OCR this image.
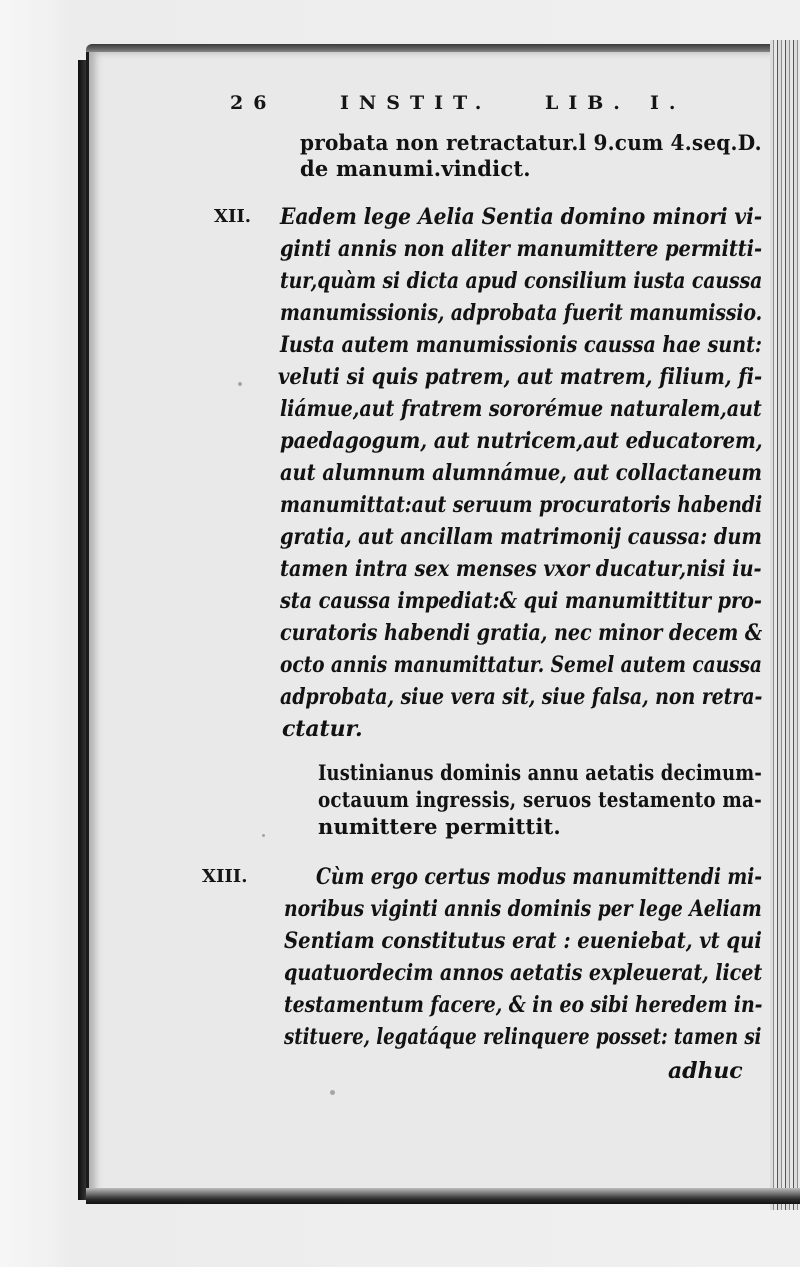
26	INSTIT.	LIB. I.
probata non retractatur.l 9.cum 4.seq.D.
de manumi.vindict.
XII. Eadem lege Aelia Sentia domino minori vi-
ginti annis non aliter manumittere permitti-
tur,quàm si dicta apud consilium iusta caussa
manumissionis, adprobata fuerit manumissio.
Iusta autem manumissionis caussa hae sunt:
veluti si quis patrem, aut matrem, filium, fi-
liámue,aut fratrem sororémue naturalem,aut
paedagogum, aut nutricem,aut educatorem,
aut alumnum alumnámue, aut collactaneum
manumittat:aut seruum procuratoris habendi
gratia, aut ancillam matrimonij caussa: dum
tamen intra sex menses vxor ducatur,nisi iu-
sta caussa impediat:& qui manumittitur pro-
curatoris habendi gratia, nec minor decem &
octo annis manumittatur. Semel autem caussa
adprobata, siue vera sit, siue falsa, non retra-
ctatur.
Iustinianus dominis annu aetatis decimum-
octauum ingressis, seruos testamento ma-
numittere permittit.
XIII.	Cùm ergo certus modus manumittendi mi-
noribus viginti annis dominis per lege Aeliam
Sentiam constitutus erat : eueniebat, vt qui
quatuordecim annos aetatis expleuerat, licet
testamentum facere, & in eo sibi heredem in-
stituere, legatáque relinquere posset: tamen si
adhuc
